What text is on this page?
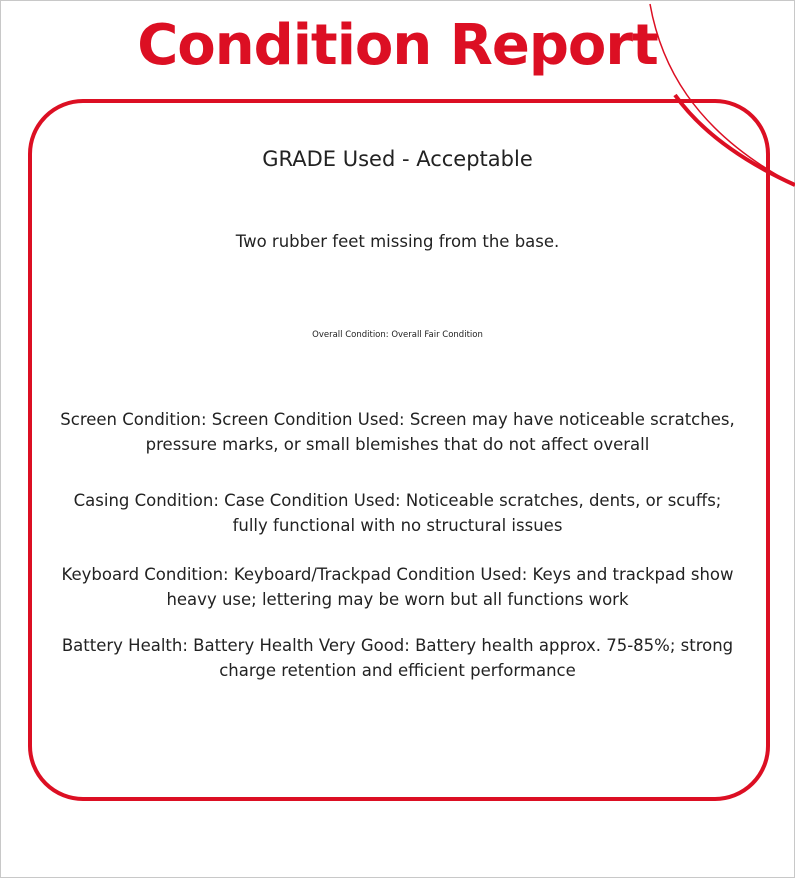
Condition Report

GRADE Used - Acceptable

Two rubber feet missing from the base.

Overall Condition: Overall Fair Condition

Screen Condition: Screen Condition Used: Screen may have noticeable scratches, pressure marks, or small blemishes that do not affect overall

Casing Condition: Case Condition Used: Noticeable scratches, dents, or scuffs; fully functional with no structural issues

Keyboard Condition: Keyboard/Trackpad Condition Used: Keys and trackpad show heavy use; lettering may be worn but all functions work

Battery Health: Battery Health Very Good: Battery health approx. 75-85%; strong charge retention and efficient performance
